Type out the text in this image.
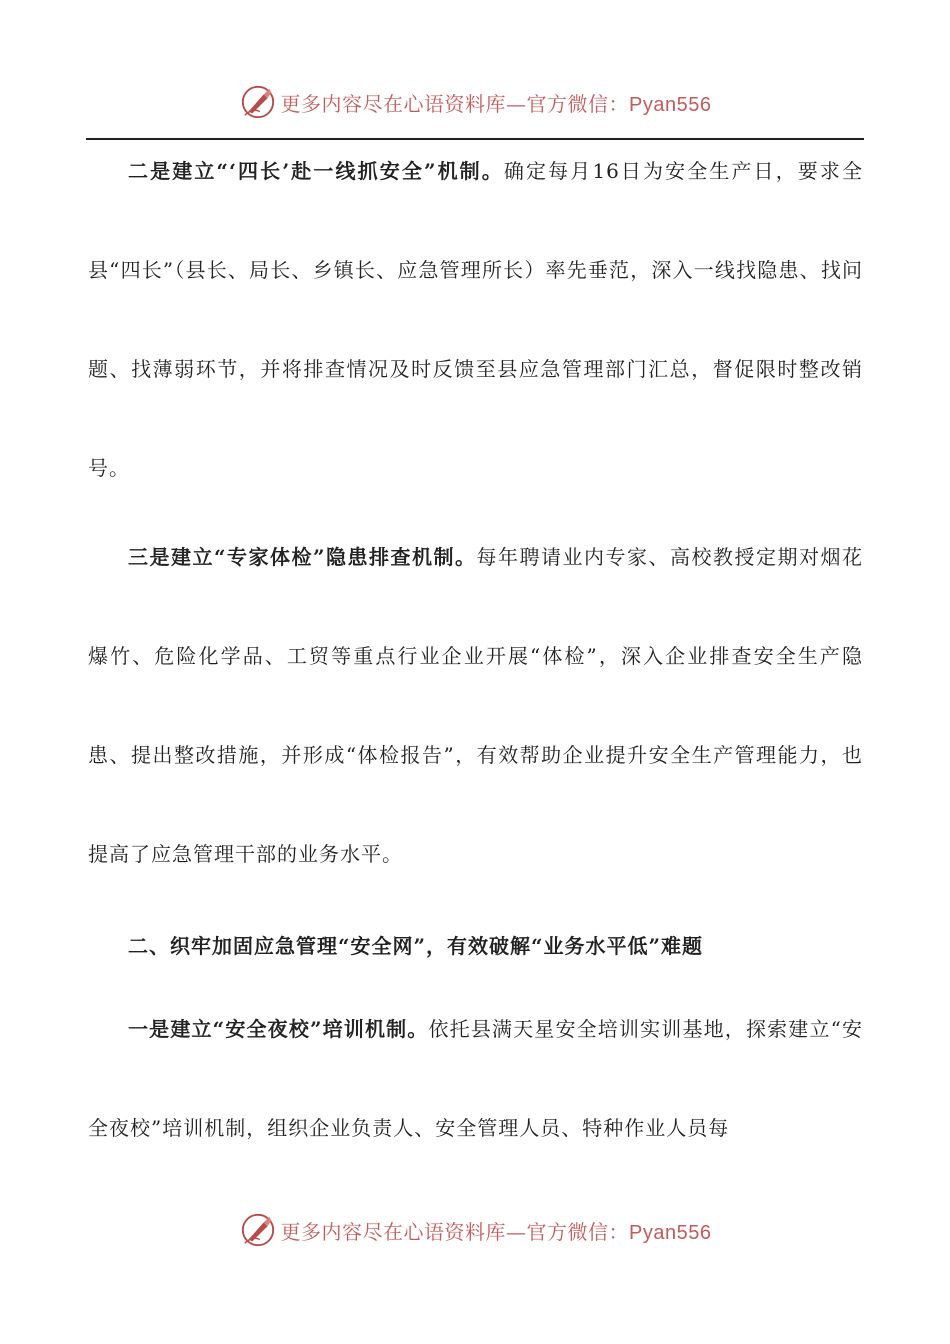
更多内容尽在心语资料库—官方微信：Pyan556

二是建立“‘四长’赴一线抓安全”机制。确定每月16日为安全生产日，要求全县“四长”（县长、局长、乡镇长、应急管理所长）率先垂范，深入一线找隐患、找问题、找薄弱环节，并将排查情况及时反馈至县应急管理部门汇总，督促限时整改销号。

三是建立“专家体检”隐患排查机制。每年聘请业内专家、高校教授定期对烟花爆竹、危险化学品、工贸等重点行业企业开展“体检”，深入企业排查安全生产隐患、提出整改措施，并形成“体检报告”，有效帮助企业提升安全生产管理能力，也提高了应急管理干部的业务水平。

二、织牢加固应急管理“安全网”，有效破解“业务水平低”难题

一是建立“安全夜校”培训机制。依托县满天星安全培训实训基地，探索建立“安全夜校”培训机制，组织企业负责人、安全管理人员、特种作业人员每

更多内容尽在心语资料库—官方微信：Pyan556
